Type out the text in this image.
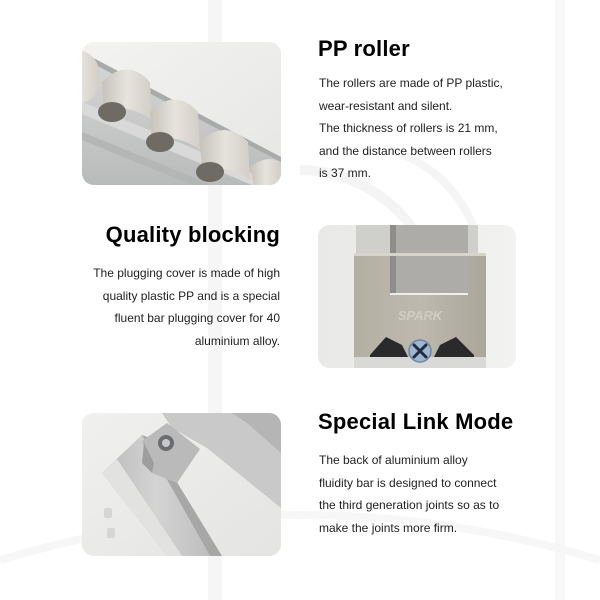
PP roller
The rollers are made of PP plastic,
wear-resistant and silent.
The thickness of rollers is 21 mm,
and the distance between rollers
is 37 mm.
Quality blocking
The plugging cover is made of high
quality plastic PP and is a special
fluent bar plugging cover for 40
aluminium alloy.
SPARK
Special Link Mode
The back of aluminium alloy
fluidity bar is designed to connect
the third generation joints so as to
make the joints more firm.
